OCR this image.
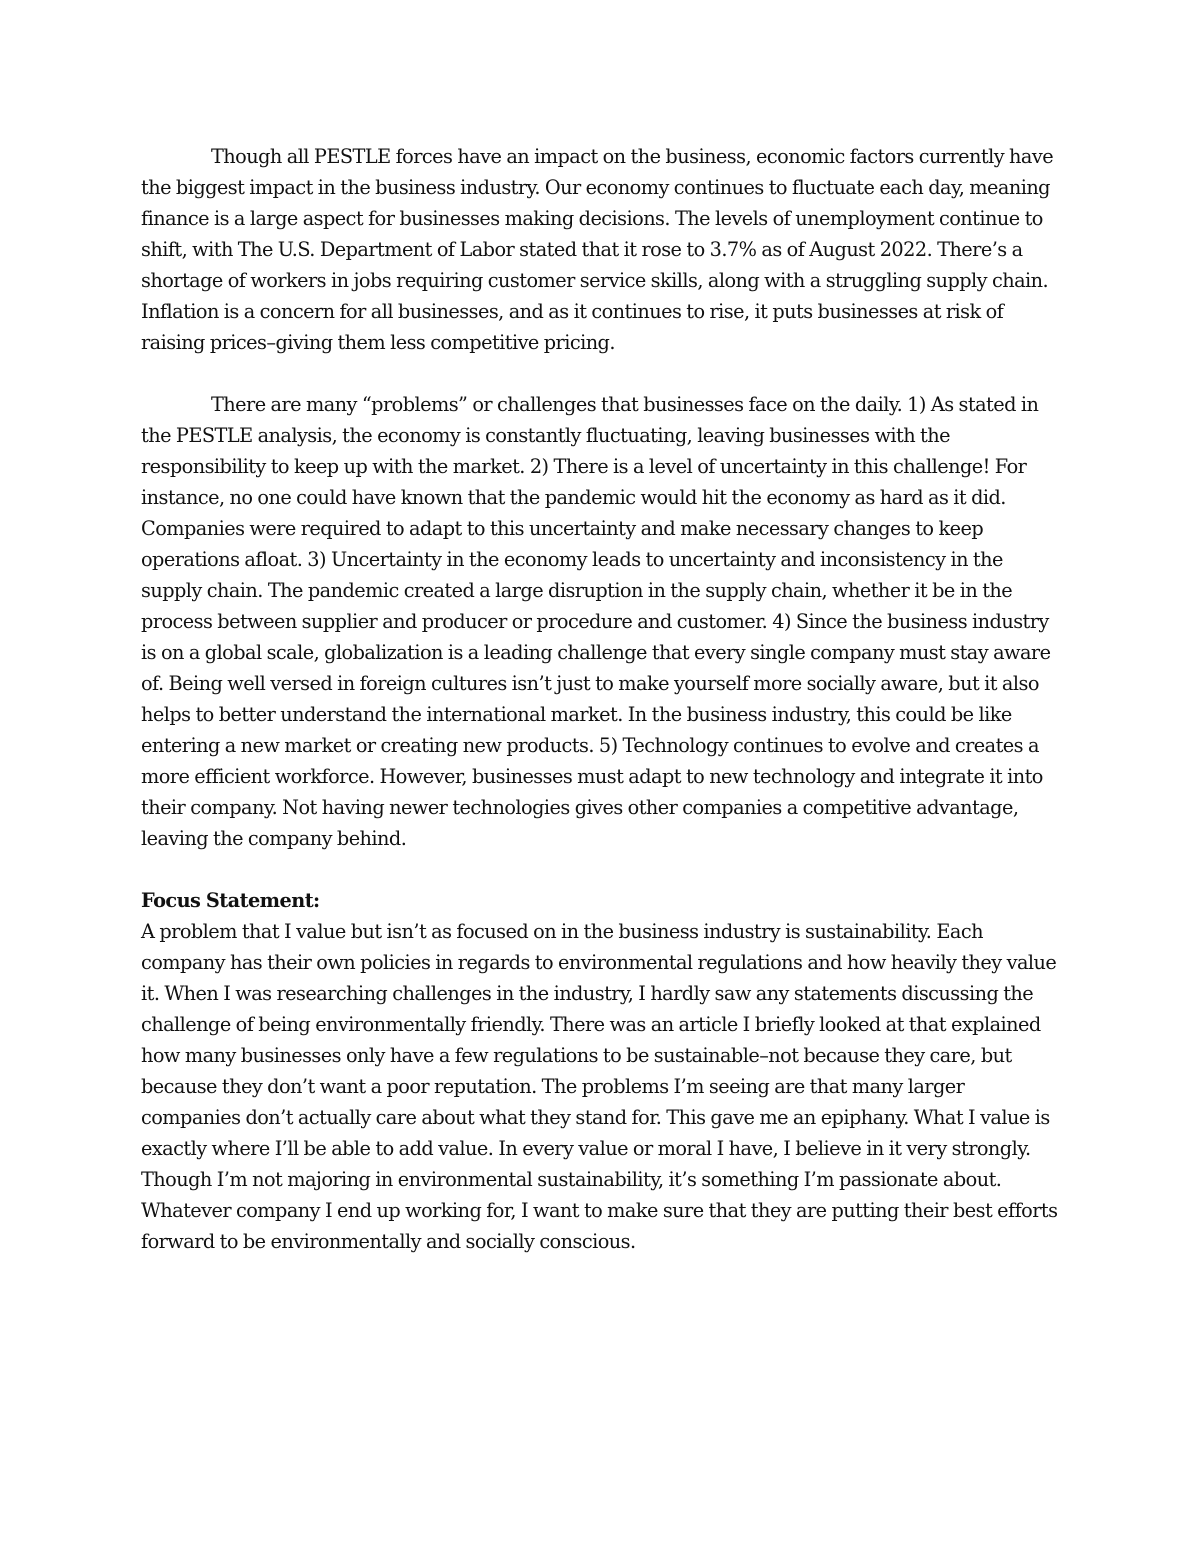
Though all PESTLE forces have an impact on the business, economic factors currently have the biggest impact in the business industry. Our economy continues to fluctuate each day, meaning finance is a large aspect for businesses making decisions. The levels of unemployment continue to shift, with The U.S. Department of Labor stated that it rose to 3.7% as of August 2022. There’s a shortage of workers in jobs requiring customer service skills, along with a struggling supply chain. Inflation is a concern for all businesses, and as it continues to rise, it puts businesses at risk of raising prices–giving them less competitive pricing.

There are many “problems” or challenges that businesses face on the daily. 1) As stated in the PESTLE analysis, the economy is constantly fluctuating, leaving businesses with the responsibility to keep up with the market. 2) There is a level of uncertainty in this challenge! For instance, no one could have known that the pandemic would hit the economy as hard as it did. Companies were required to adapt to this uncertainty and make necessary changes to keep operations afloat. 3) Uncertainty in the economy leads to uncertainty and inconsistency in the supply chain. The pandemic created a large disruption in the supply chain, whether it be in the process between supplier and producer or procedure and customer. 4) Since the business industry is on a global scale, globalization is a leading challenge that every single company must stay aware of. Being well versed in foreign cultures isn’t just to make yourself more socially aware, but it also helps to better understand the international market. In the business industry, this could be like entering a new market or creating new products. 5) Technology continues to evolve and creates a more efficient workforce. However, businesses must adapt to new technology and integrate it into their company. Not having newer technologies gives other companies a competitive advantage, leaving the company behind.

Focus Statement:

A problem that I value but isn’t as focused on in the business industry is sustainability. Each company has their own policies in regards to environmental regulations and how heavily they value it. When I was researching challenges in the industry, I hardly saw any statements discussing the challenge of being environmentally friendly. There was an article I briefly looked at that explained how many businesses only have a few regulations to be sustainable–not because they care, but because they don’t want a poor reputation. The problems I’m seeing are that many larger companies don’t actually care about what they stand for. This gave me an epiphany. What I value is exactly where I’ll be able to add value. In every value or moral I have, I believe in it very strongly. Though I’m not majoring in environmental sustainability, it’s something I’m passionate about. Whatever company I end up working for, I want to make sure that they are putting their best efforts forward to be environmentally and socially conscious.
